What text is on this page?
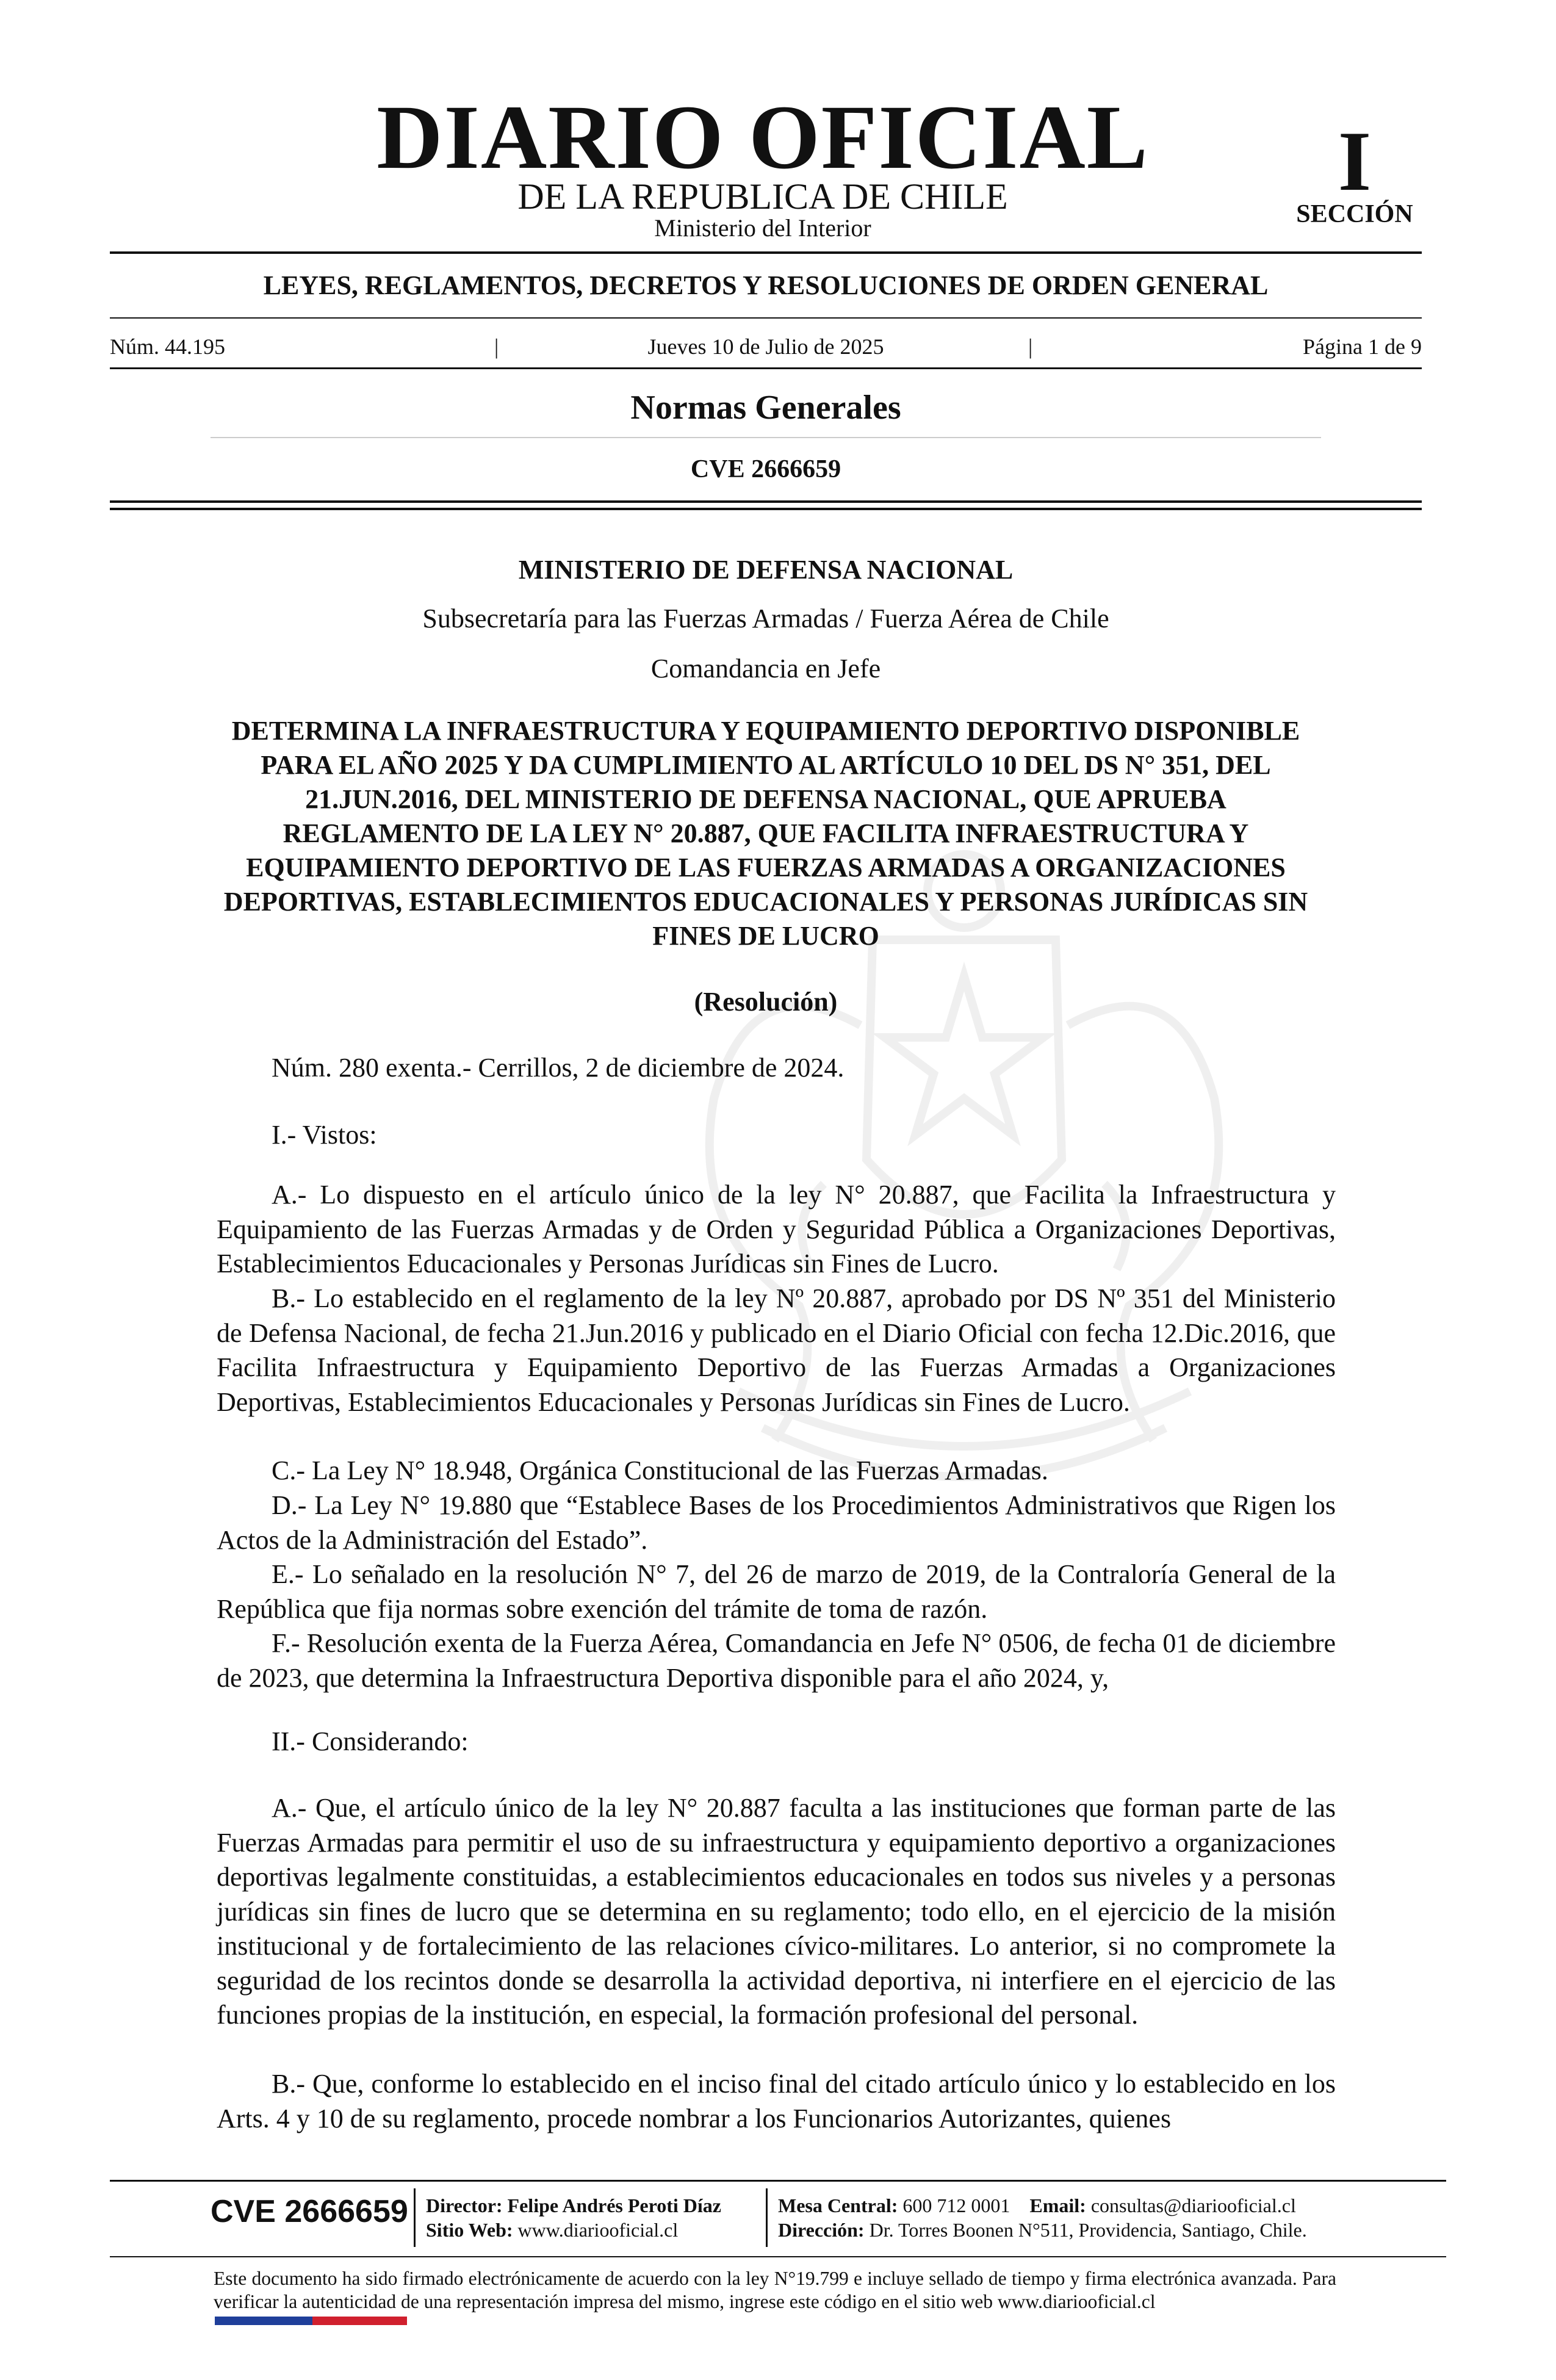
DIARIO OFICIAL
DE LA REPUBLICA DE CHILE
Ministerio del Interior
I
SECCIÓN
LEYES, REGLAMENTOS, DECRETOS Y RESOLUCIONES DE ORDEN GENERAL
Núm. 44.195	|	Jueves 10 de Julio de 2025	|	Página 1 de 9
Normas Generales
CVE 2666659
MINISTERIO DE DEFENSA NACIONAL
Subsecretaría para las Fuerzas Armadas / Fuerza Aérea de Chile
Comandancia en Jefe
DETERMINA LA INFRAESTRUCTURA Y EQUIPAMIENTO DEPORTIVO DISPONIBLE PARA EL AÑO 2025 Y DA CUMPLIMIENTO AL ARTÍCULO 10 DEL DS N° 351, DEL 21.JUN.2016, DEL MINISTERIO DE DEFENSA NACIONAL, QUE APRUEBA REGLAMENTO DE LA LEY N° 20.887, QUE FACILITA INFRAESTRUCTURA Y EQUIPAMIENTO DEPORTIVO DE LAS FUERZAS ARMADAS A ORGANIZACIONES DEPORTIVAS, ESTABLECIMIENTOS EDUCACIONALES Y PERSONAS JURÍDICAS SIN FINES DE LUCRO
(Resolución)
Núm. 280 exenta.- Cerrillos, 2 de diciembre de 2024.
I.- Vistos:

A.- Lo dispuesto en el artículo único de la ley N° 20.887, que Facilita la Infraestructura y Equipamiento de las Fuerzas Armadas y de Orden y Seguridad Pública a Organizaciones Deportivas, Establecimientos Educacionales y Personas Jurídicas sin Fines de Lucro.

B.- Lo establecido en el reglamento de la ley Nº 20.887, aprobado por DS Nº 351 del Ministerio de Defensa Nacional, de fecha 21.Jun.2016 y publicado en el Diario Oficial con fecha 12.Dic.2016, que Facilita Infraestructura y Equipamiento Deportivo de las Fuerzas Armadas a Organizaciones Deportivas, Establecimientos Educacionales y Personas Jurídicas sin Fines de Lucro.

C.- La Ley N° 18.948, Orgánica Constitucional de las Fuerzas Armadas.

D.- La Ley N° 19.880 que “Establece Bases de los Procedimientos Administrativos que Rigen los Actos de la Administración del Estado”.

E.- Lo señalado en la resolución N° 7, del 26 de marzo de 2019, de la Contraloría General de la República que fija normas sobre exención del trámite de toma de razón.

F.- Resolución exenta de la Fuerza Aérea, Comandancia en Jefe N° 0506, de fecha 01 de diciembre de 2023, que determina la Infraestructura Deportiva disponible para el año 2024, y,

II.- Considerando:

A.- Que, el artículo único de la ley N° 20.887 faculta a las instituciones que forman parte de las Fuerzas Armadas para permitir el uso de su infraestructura y equipamiento deportivo a organizaciones deportivas legalmente constituidas, a establecimientos educacionales en todos sus niveles y a personas jurídicas sin fines de lucro que se determina en su reglamento; todo ello, en el ejercicio de la misión institucional y de fortalecimiento de las relaciones cívico-militares. Lo anterior, si no compromete la seguridad de los recintos donde se desarrolla la actividad deportiva, ni interfiere en el ejercicio de las funciones propias de la institución, en especial, la formación profesional del personal.

B.- Que, conforme lo establecido en el inciso final del citado artículo único y lo establecido en los Arts. 4 y 10 de su reglamento, procede nombrar a los Funcionarios Autorizantes, quienes

CVE 2666659 Director: Felipe Andrés Peroti Díaz
Sitio Web: www.diariooficial.cl
Mesa Central: 600 712 0001 Email: consultas@diariooficial.cl
Dirección: Dr. Torres Boonen N°511, Providencia, Santiago, Chile.
Este documento ha sido firmado electrónicamente de acuerdo con la ley N°19.799 e incluye sellado de tiempo y firma electrónica avanzada. Para verificar la autenticidad de una representación impresa del mismo, ingrese este código en el sitio web www.diariooficial.cl
